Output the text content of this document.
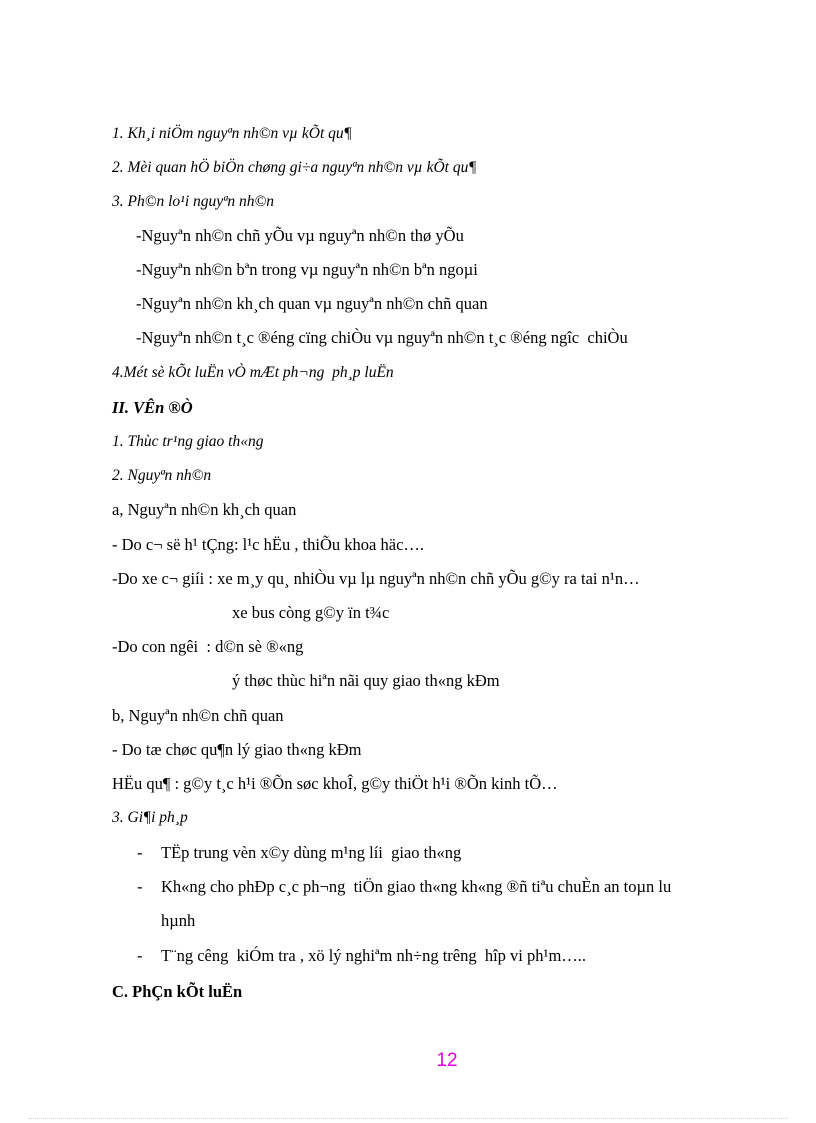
1. Kh¸i niÖm nguyªn nh©n vµ kÕt qu¶
2. Mèi quan hÖ biÖn chøng gi÷a nguyªn nh©n vµ kÕt qu¶
3. Ph©n lo¹i nguyªn nh©n
-Nguyªn nh©n chñ yÕu vµ nguyªn nh©n thø yÕu
-Nguyªn nh©n bªn trong vµ nguyªn nh©n bªn ngoµi
-Nguyªn nh©n kh¸ch quan vµ nguyªn nh©n chñ quan
-Nguyªn nh©n t¸c ®éng cïng chiÒu vµ nguyªn nh©n t¸c ®éng ngîc  chiÒu
4.Mét sè kÕt luËn vÒ mÆt ph¬ng  ph¸p luËn
II. VÊn ®Ò
1. Thùc tr¹ng giao th«ng
2. Nguyªn nh©n
a, Nguyªn nh©n kh¸ch quan
- Do c¬ së h¹ tÇng: l¹c hËu , thiÕu khoa häc….
-Do xe c¬ giíi : xe m¸y qu¸ nhiÒu vµ lµ nguyªn nh©n chñ yÕu g©y ra tai n¹n…
xe bus còng g©y ïn t¾c
-Do con ngêi  : d©n sè ®«ng
ý thøc thùc hiªn nãi quy giao th«ng kÐm
b, Nguyªn nh©n chñ quan
- Do tæ chøc qu¶n lý giao th«ng kÐm
HËu qu¶ : g©y t¸c h¹i ®Õn søc khoÎ, g©y thiÖt h¹i ®Õn kinh tÕ…
3. Gi¶i ph¸p
- TËp trung vèn x©y dùng m¹ng líi  giao th«ng
- Kh«ng cho phÐp c¸c ph¬ng  tiÖn giao th«ng kh«ng ®ñ tiªu chuÈn an toµn lu
hµnh
- T¨ng cêng  kiÓm tra , xö lý nghiªm nh÷ng trêng  hîp vi ph¹m…..
C. PhÇn kÕt luËn
12
